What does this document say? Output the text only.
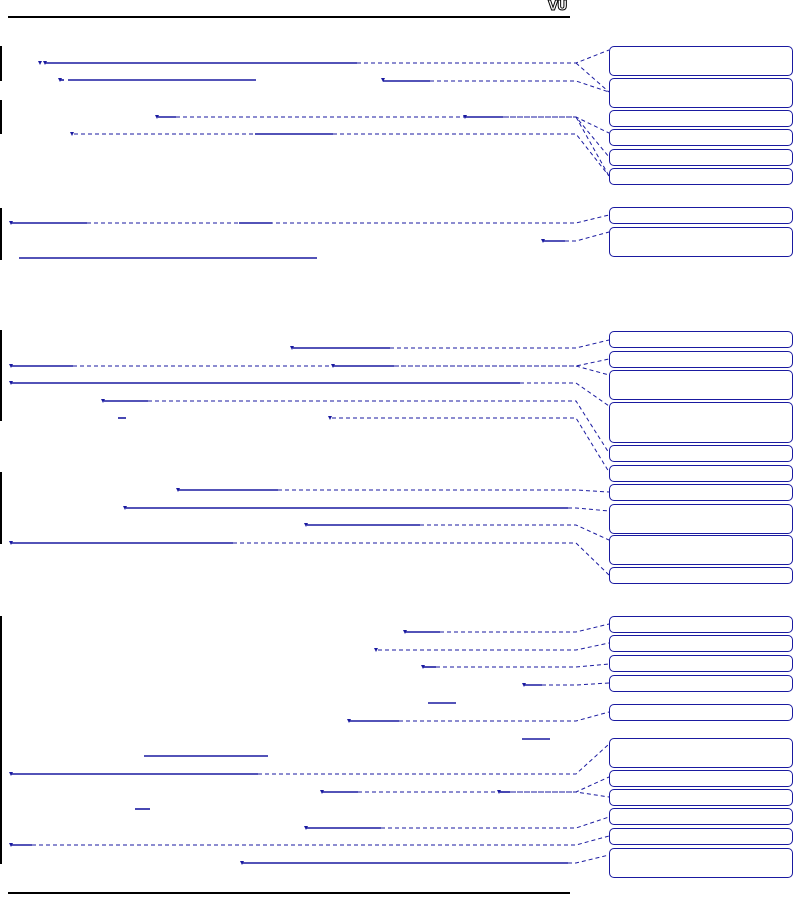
VU
